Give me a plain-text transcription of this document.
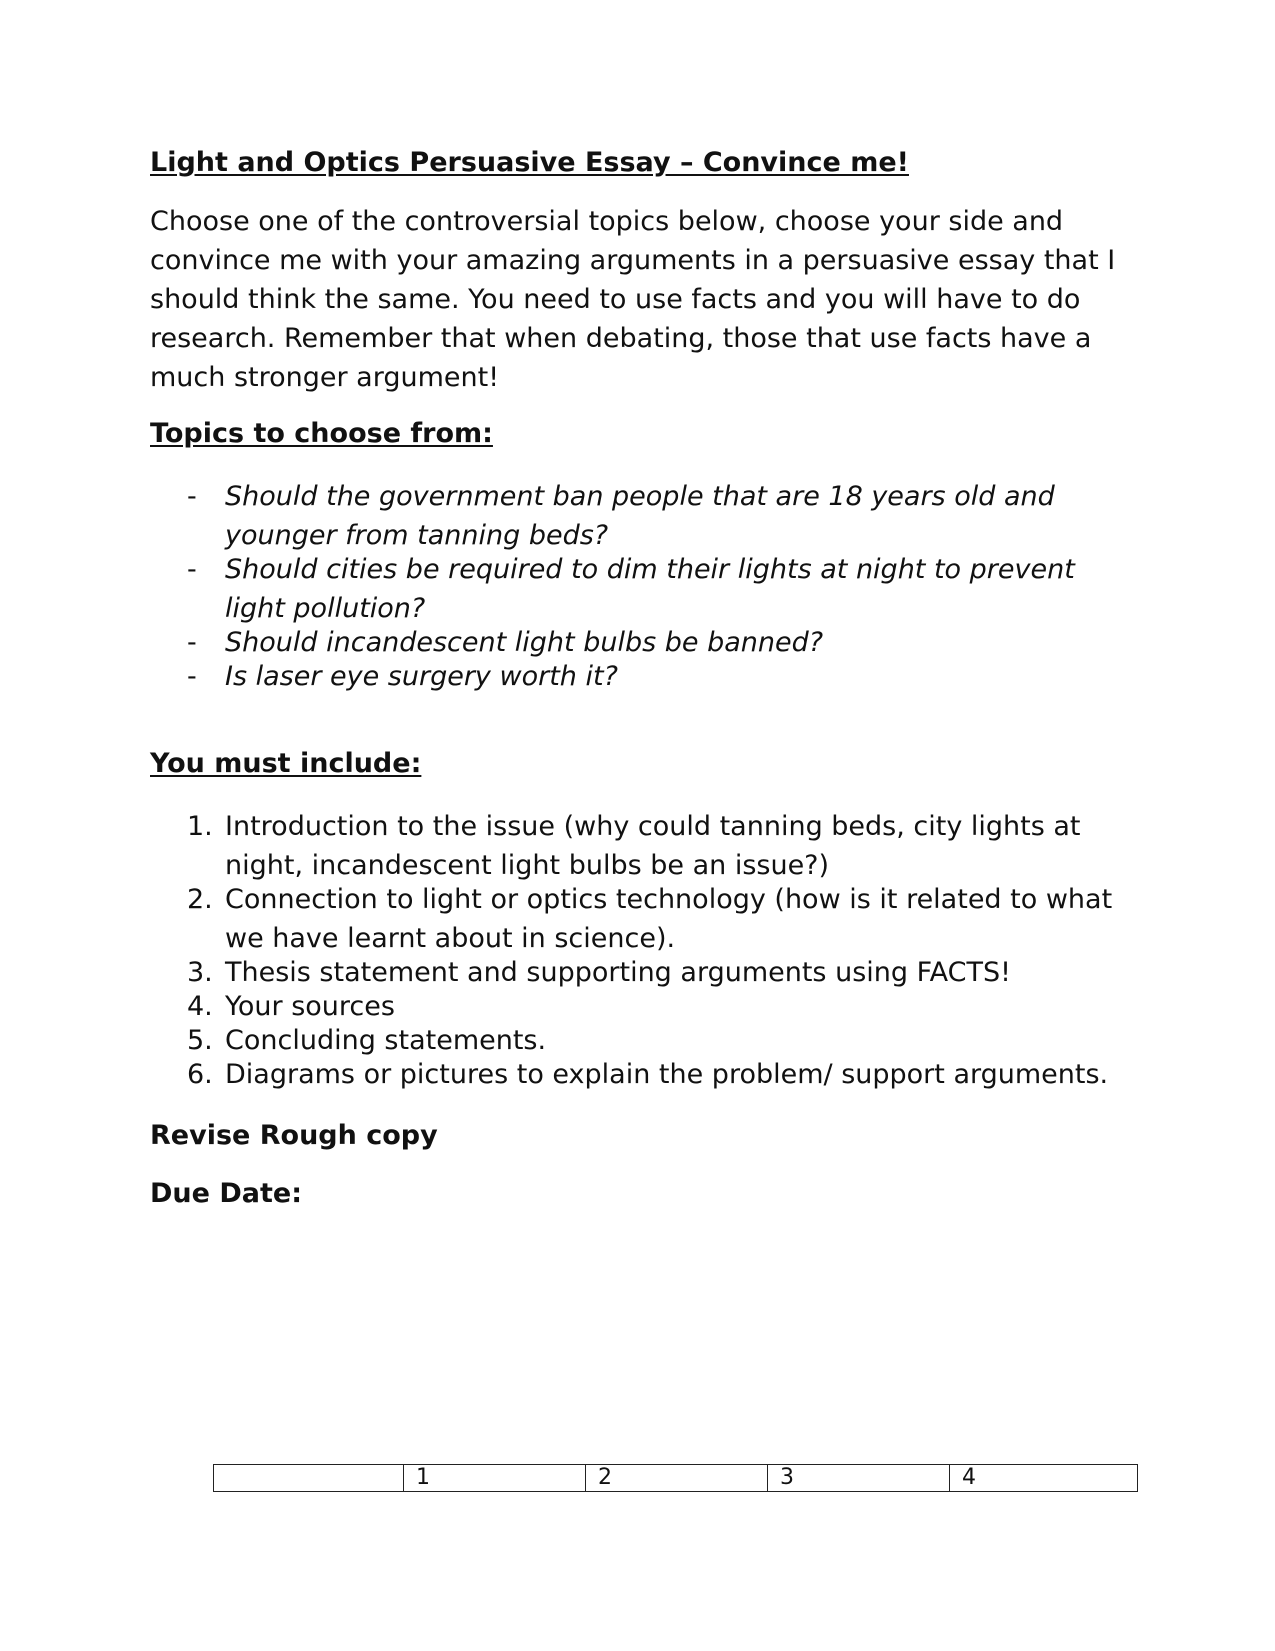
Light and Optics Persuasive Essay – Convince me!

Choose one of the controversial topics below, choose your side and convince me with your amazing arguments in a persuasive essay that I should think the same. You need to use facts and you will have to do research. Remember that when debating, those that use facts have a much stronger argument!

Topics to choose from:
- Should the government ban people that are 18 years old and younger from tanning beds?
- Should cities be required to dim their lights at night to prevent light pollution?
- Should incandescent light bulbs be banned?
- Is laser eye surgery worth it?
You must include:
1. Introduction to the issue (why could tanning beds, city lights at night, incandescent light bulbs be an issue?)
2. Connection to light or optics technology (how is it related to what we have learnt about in science).
3. Thesis statement and supporting arguments using FACTS!
4. Your sources
5. Concluding statements.
6. Diagrams or pictures to explain the problem/ support arguments.

Revise Rough copy

Due Date:

	1	2	3	4
